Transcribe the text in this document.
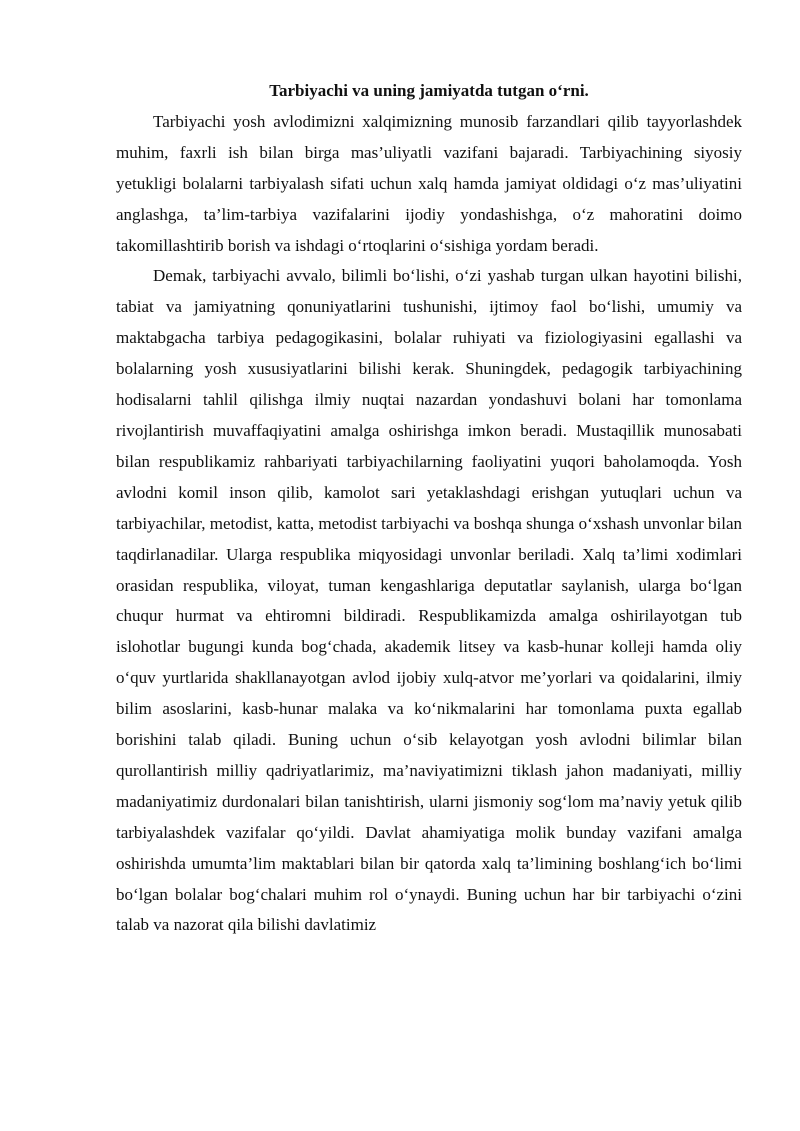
Tarbiyachi va uning jamiyatda tutgan o‘rni.

Tarbiyachi yosh avlodimizni xalqimizning munosib farzandlari qilib tayyorlashdek muhim, faxrli ish bilan birga mas’uliyatli vazifani bajaradi. Tarbiyachining siyosiy yetukligi bolalarni tarbiyalash sifati uchun xalq hamda jamiyat oldidagi o‘z mas’uliyatini anglashga, ta’lim-tarbiya vazifalarini ijodiy yondashishga, o‘z mahoratini doimo takomillashtirib borish va ishdagi o‘rtoqlarini o‘sishiga yordam beradi.

Demak, tarbiyachi avvalo, bilimli bo‘lishi, o‘zi yashab turgan ulkan hayotini bilishi, tabiat va jamiyatning qonuniyatlarini tushunishi, ijtimoy faol bo‘lishi, umumiy va maktabgacha tarbiya pedagogikasini, bolalar ruhiyati va fiziologiyasini egallashi va bolalarning yosh xususiyatlarini bilishi kerak. Shuningdek, pedagogik tarbiyachining hodisalarni tahlil qilishga ilmiy nuqtai nazardan yondashuvi bolani har tomonlama rivojlantirish muvaffaqiyatini amalga oshirishga imkon beradi. Mustaqillik munosabati bilan respublikamiz rahbariyati tarbiyachilarning faoliyatini yuqori baholamoqda. Yosh avlodni komil inson qilib, kamolot sari yetaklashdagi erishgan yutuqlari uchun va tarbiyachilar, metodist, katta, metodist tarbiyachi va boshqa shunga o‘xshash unvonlar bilan taqdirlanadilar. Ularga respublika miqyosidagi unvonlar beriladi. Xalq ta’limi xodimlari orasidan respublika, viloyat, tuman kengashlariga deputatlar saylanish, ularga bo‘lgan chuqur hurmat va ehtiromni bildiradi. Respublikamizda amalga oshirilayotgan tub islohotlar bugungi kunda bog‘chada, akademik litsey va kasb-hunar kolleji hamda oliy o‘quv yurtlarida shakllanayotgan avlod ijobiy xulq-atvor me’yorlari va qoidalarini, ilmiy bilim asoslarini, kasb-hunar malaka va ko‘nikmalarini har tomonlama puxta egallab borishini talab qiladi. Buning uchun o‘sib kelayotgan yosh avlodni bilimlar bilan qurollantirish milliy qadriyatlarimiz, ma’naviyatimizni tiklash jahon madaniyati, milliy madaniyatimiz durdonalari bilan tanishtirish, ularni jismoniy sog‘lom ma’naviy yetuk qilib tarbiyalashdek vazifalar qo‘yildi. Davlat ahamiyatiga molik bunday vazifani amalga oshirishda umumta’lim maktablari bilan bir qatorda xalq ta’limining boshlang‘ich bo‘limi bo‘lgan bolalar bog‘chalari muhim rol o‘ynaydi. Buning uchun har bir tarbiyachi o‘zini talab va nazorat qila bilishi davlatimiz
